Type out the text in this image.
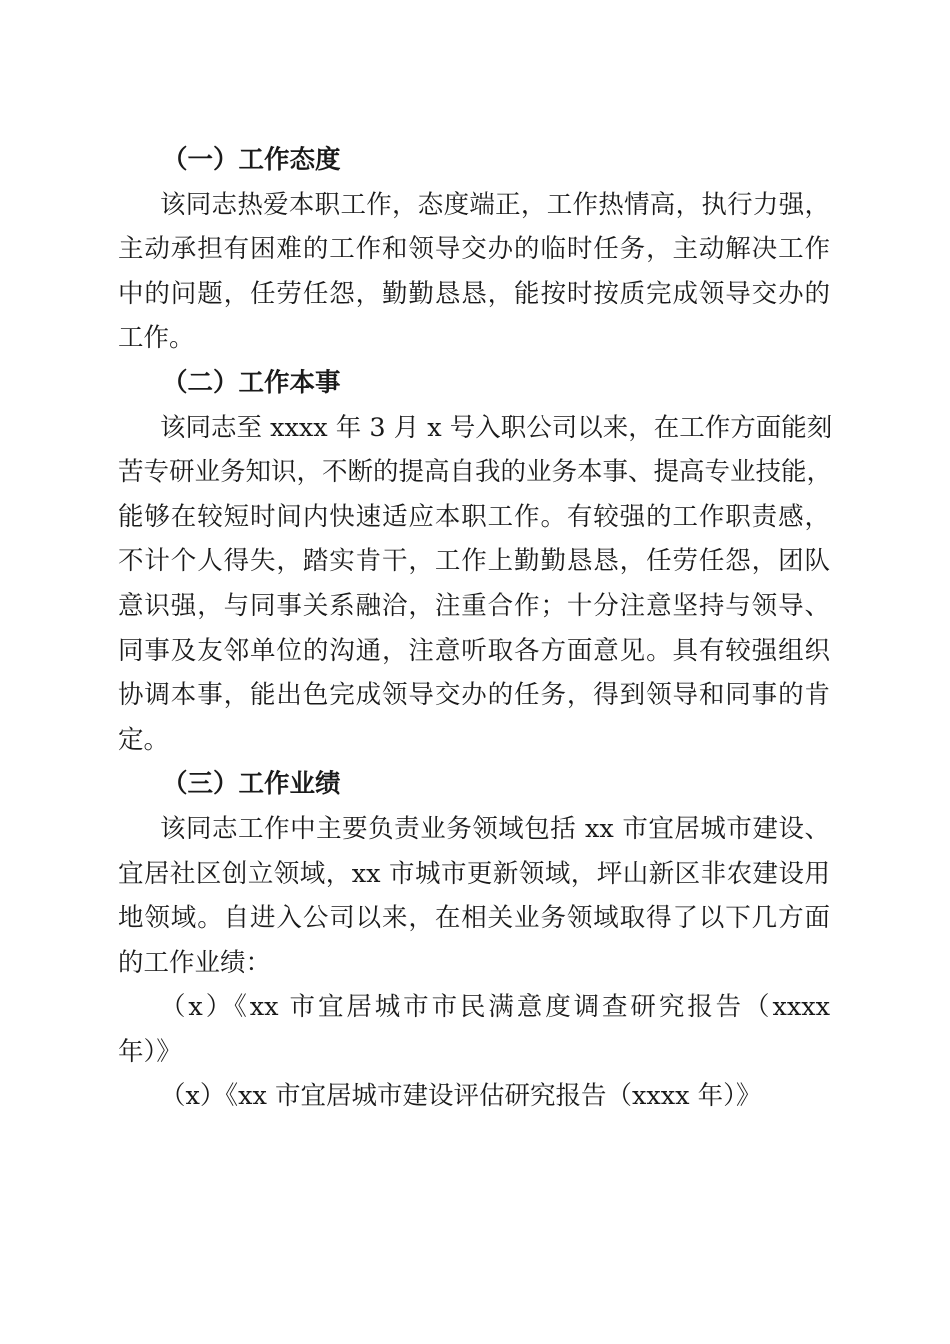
（一）工作态度

该同志热爱本职工作，态度端正，工作热情高，执行力强，
主动承担有困难的工作和领导交办的临时任务，主动解决工作
中的问题，任劳任怨，勤勤恳恳，能按时按质完成领导交办的
工作。

（二）工作本事

该同志至 xxxx 年 3 月 x 号入职公司以来，在工作方面能刻
苦专研业务知识，不断的提高自我的业务本事、提高专业技能，
能够在较短时间内快速适应本职工作。有较强的工作职责感，
不计个人得失，踏实肯干，工作上勤勤恳恳，任劳任怨，团队
意识强，与同事关系融洽，注重合作；十分注意坚持与领导、
同事及友邻单位的沟通，注意听取各方面意见。具有较强组织
协调本事，能出色完成领导交办的任务，得到领导和同事的肯
定。

（三）工作业绩

该同志工作中主要负责业务领域包括 xx 市宜居城市建设、
宜居社区创立领域，xx 市城市更新领域，坪山新区非农建设用
地领域。自进入公司以来，在相关业务领域取得了以下几方面
的工作业绩：
（x）《xx 市宜居城市市民满意度调查研究报告（xxxx
年）》
（x）《xx 市宜居城市建设评估研究报告（xxxx 年）》
